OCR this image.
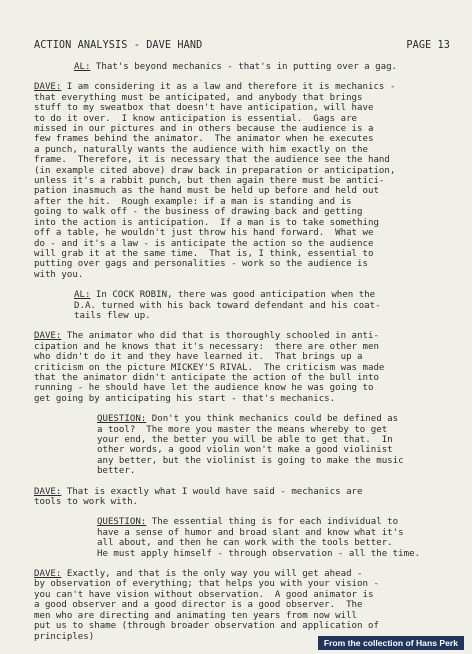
ACTION ANALYSIS - DAVE HAND	PAGE 13
AL: That's beyond mechanics - that's in putting over a gag.
DAVE: I am considering it as a law and therefore it is mechanics -
that everything must be anticipated, and anybody that brings
stuff to my sweatbox that doesn't have anticipation, will have
to do it over.  I know anticipation is essential.  Gags are
missed in our pictures and in others because the audience is a
few frames behind the animator.  The animator when he executes
a punch, naturally wants the audience with him exactly on the
frame.  Therefore, it is necessary that the audience see the hand
(in example cited above) draw back in preparation or anticipation,
unless it's a rabbit punch, but then again there must be antici-
pation inasmuch as the hand must be held up before and held out
after the hit.  Rough example: if a man is standing and is
going to walk off - the business of drawing back and getting
into the action is anticipation.  If a man is to take something
off a table, he wouldn't just throw his hand forward.  What we
do - and it's a law - is anticipate the action so the audience
will grab it at the same time.  That is, I think, essential to
putting over gags and personalities - work so the audience is
with you.
AL: In COCK ROBIN, there was good anticipation when the
D.A. turned with his back toward defendant and his coat-
tails flew up.
DAVE: The animator who did that is thoroughly schooled in anti-
cipation and he knows that it's necessary:  there are other men
who didn't do it and they have learned it.  That brings up a
criticism on the picture MICKEY'S RIVAL.  The criticism was made
that the animator didn't anticipate the action of the bull into
running - he should have let the audience know he was going to
get going by anticipating his start - that's mechanics.
QUESTION: Don't you think mechanics could be defined as
a tool?  The more you master the means whereby to get
your end, the better you will be able to get that.  In
other words, a good violin won't make a good violinist
any better, but the violinist is going to make the music
better.
DAVE: That is exactly what I would have said - mechanics are
tools to work with.
QUESTION: The essential thing is for each individual to
have a sense of humor and broad slant and know what it's
all about, and then he can work with the tools better.
He must apply himself - through observation - all the time.
DAVE: Exactly, and that is the only way you will get ahead -
by observation of everything; that helps you with your vision -
you can't have vision without observation.  A good animator is
a good observer and a good director is a good observer.  The
men who are directing and animating ten years from now will
put us to shame (through broader observation and application of
principles)
From the collection of Hans Perk
